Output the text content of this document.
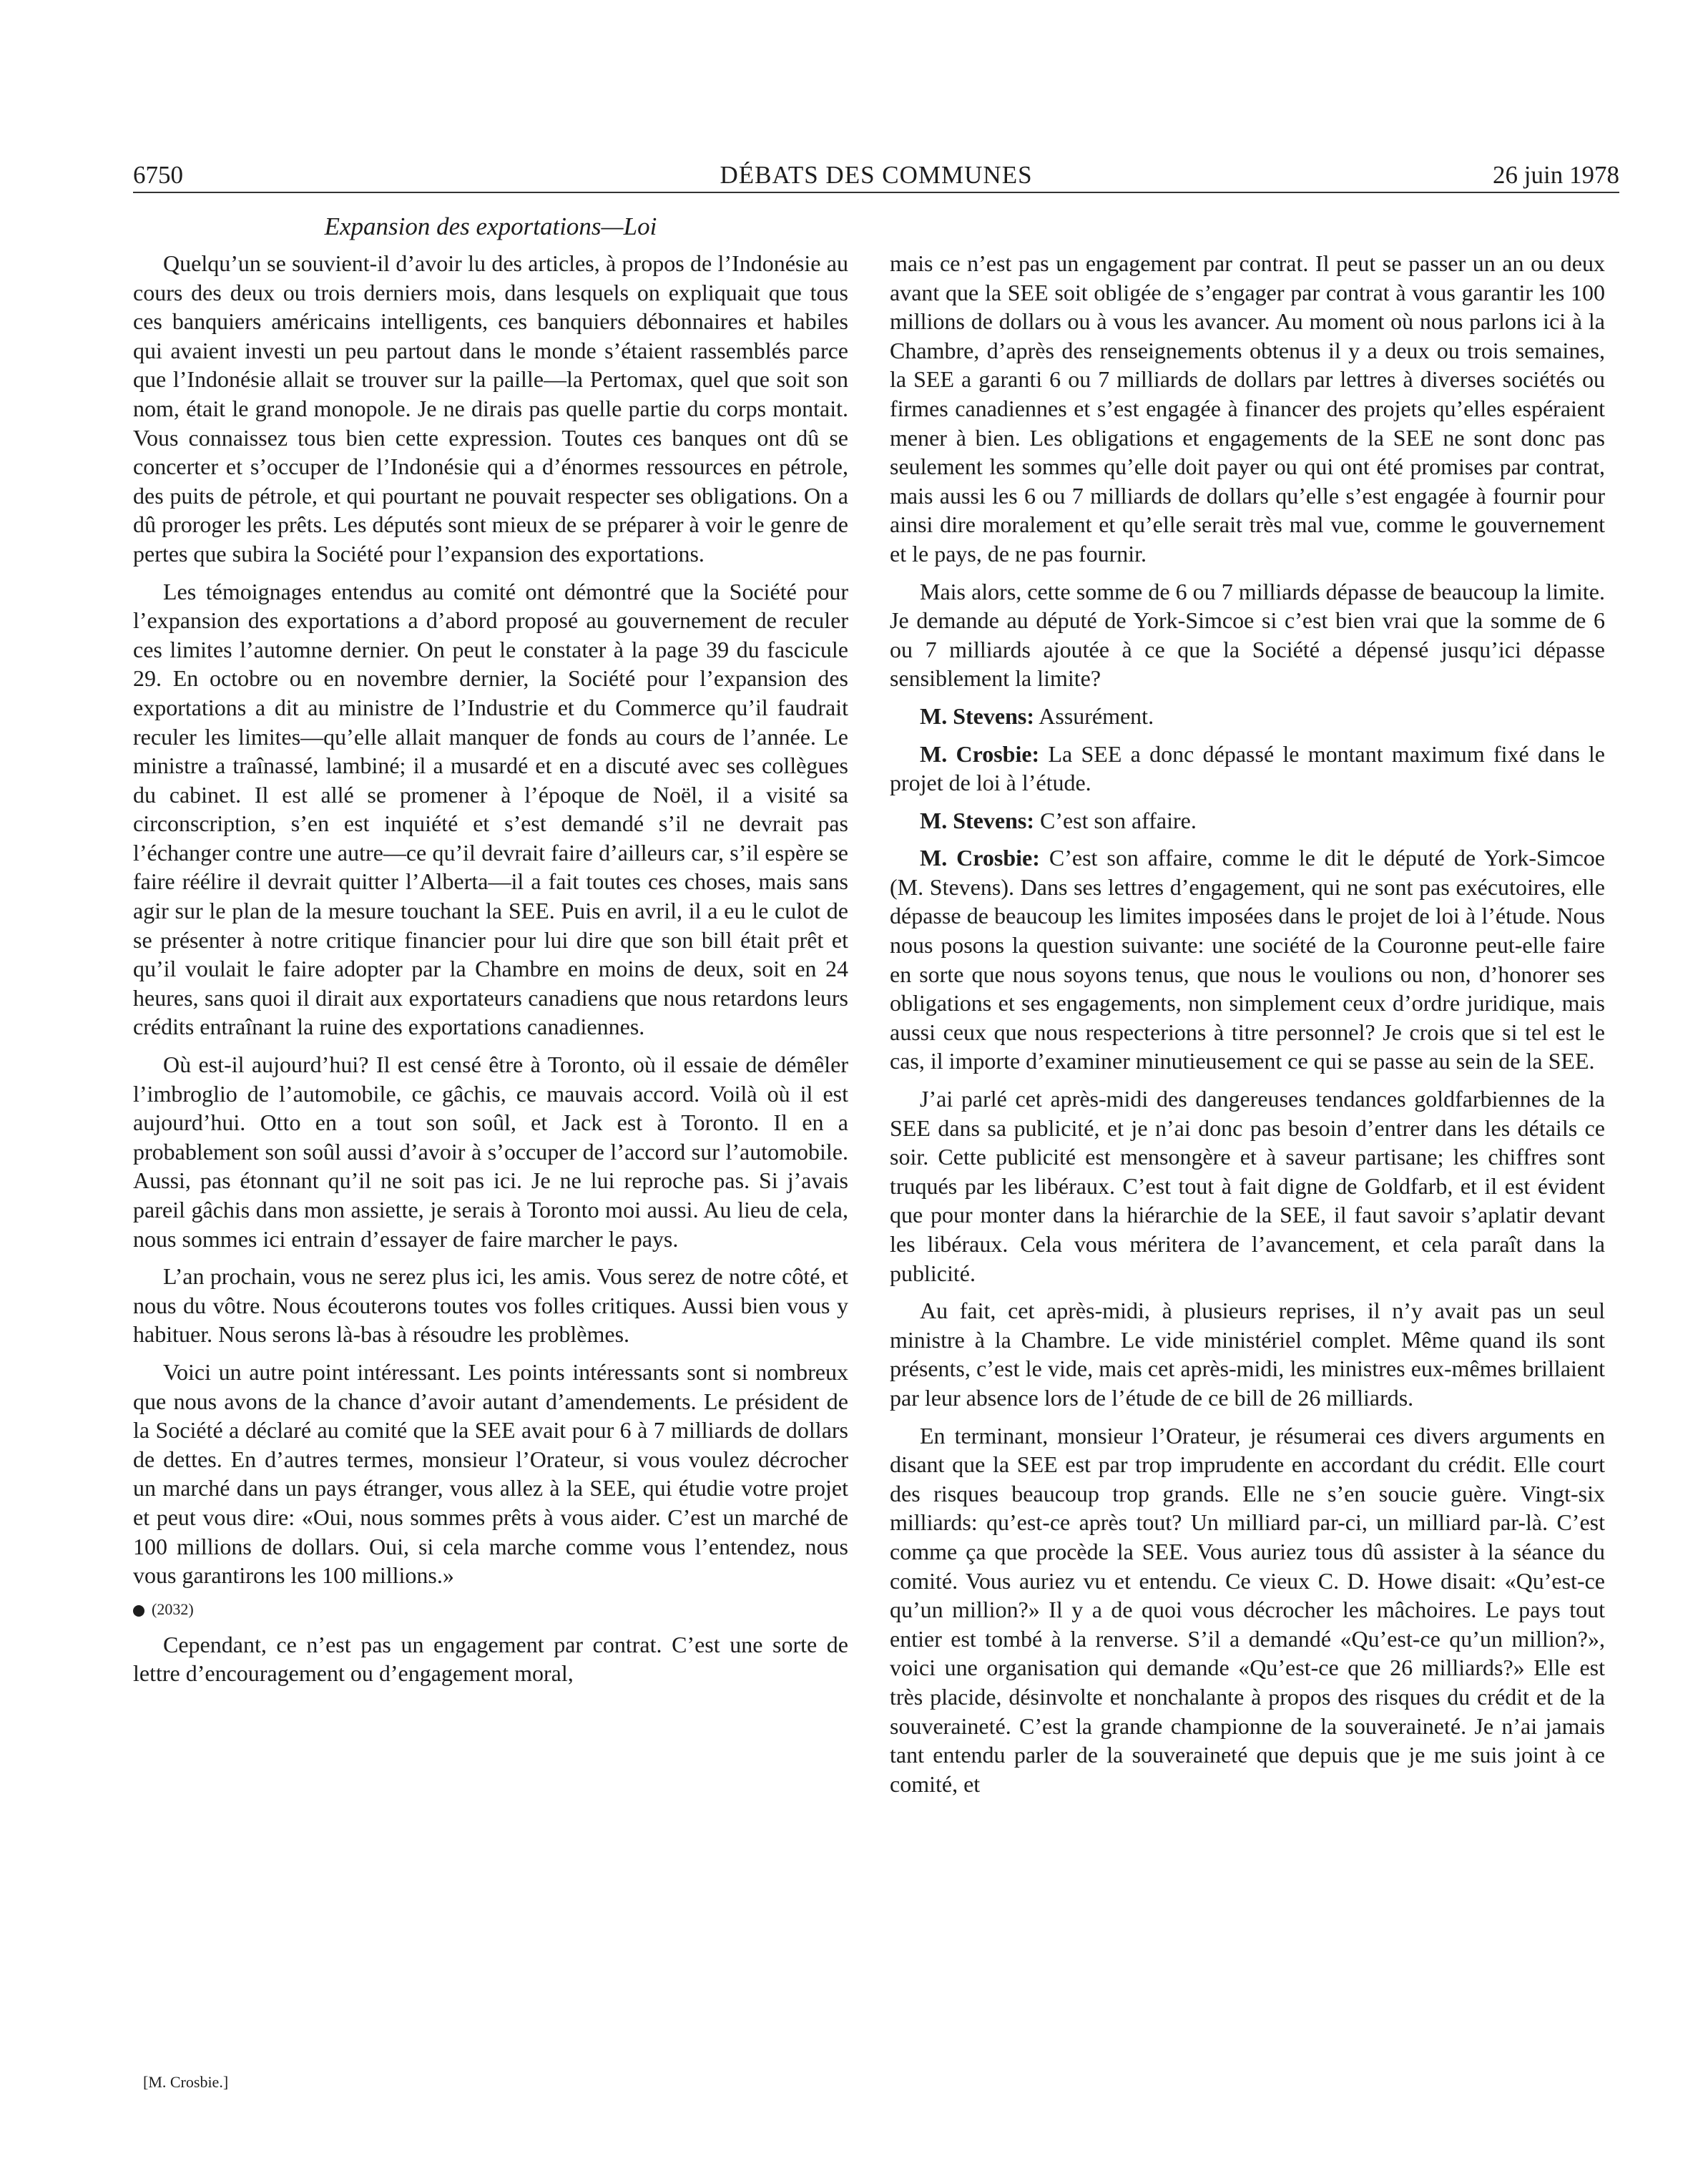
6750	DÉBATS DES COMMUNES	26 juin 1978
Expansion des exportations—Loi

Quelqu’un se souvient-il d’avoir lu des articles, à propos de l’Indonésie au cours des deux ou trois derniers mois, dans lesquels on expliquait que tous ces banquiers américains intelligents, ces banquiers débonnaires et habiles qui avaient investi un peu partout dans le monde s’étaient rassemblés parce que l’Indonésie allait se trouver sur la paille—la Pertomax, quel que soit son nom, était le grand monopole. Je ne dirais pas quelle partie du corps montait. Vous connaissez tous bien cette expression. Toutes ces banques ont dû se concerter et s’occuper de l’Indonésie qui a d’énormes ressources en pétrole, des puits de pétrole, et qui pourtant ne pouvait respecter ses obligations. On a dû proroger les prêts. Les députés sont mieux de se préparer à voir le genre de pertes que subira la Société pour l’expansion des exportations.

Les témoignages entendus au comité ont démontré que la Société pour l’expansion des exportations a d’abord proposé au gouvernement de reculer ces limites l’automne dernier. On peut le constater à la page 39 du fascicule 29. En octobre ou en novembre dernier, la Société pour l’expansion des exportations a dit au ministre de l’Industrie et du Commerce qu’il faudrait reculer les limites—qu’elle allait manquer de fonds au cours de l’année. Le ministre a traînassé, lambiné; il a musardé et en a discuté avec ses collègues du cabinet. Il est allé se promener à l’époque de Noël, il a visité sa circonscription, s’en est inquiété et s’est demandé s’il ne devrait pas l’échanger contre une autre—ce qu’il devrait faire d’ailleurs car, s’il espère se faire réélire il devrait quitter l’Alberta—il a fait toutes ces choses, mais sans agir sur le plan de la mesure touchant la SEE. Puis en avril, il a eu le culot de se présenter à notre critique financier pour lui dire que son bill était prêt et qu’il voulait le faire adopter par la Chambre en moins de deux, soit en 24 heures, sans quoi il dirait aux exportateurs canadiens que nous retardons leurs crédits entraînant la ruine des exportations canadiennes.

Où est-il aujourd’hui? Il est censé être à Toronto, où il essaie de démêler l’imbroglio de l’automobile, ce gâchis, ce mauvais accord. Voilà où il est aujourd’hui. Otto en a tout son soûl, et Jack est à Toronto. Il en a probablement son soûl aussi d’avoir à s’occuper de l’accord sur l’automobile. Aussi, pas étonnant qu’il ne soit pas ici. Je ne lui reproche pas. Si j’avais pareil gâchis dans mon assiette, je serais à Toronto moi aussi. Au lieu de cela, nous sommes ici entrain d’essayer de faire marcher le pays.

L’an prochain, vous ne serez plus ici, les amis. Vous serez de notre côté, et nous du vôtre. Nous écouterons toutes vos folles critiques. Aussi bien vous y habituer. Nous serons là-bas à résoudre les problèmes.

Voici un autre point intéressant. Les points intéressants sont si nombreux que nous avons de la chance d’avoir autant d’amendements. Le président de la Société a déclaré au comité que la SEE avait pour 6 à 7 milliards de dollars de dettes. En d’autres termes, monsieur l’Orateur, si vous voulez décrocher un marché dans un pays étranger, vous allez à la SEE, qui étudie votre projet et peut vous dire: «Oui, nous sommes prêts à vous aider. C’est un marché de 100 millions de dollars. Oui, si cela marche comme vous l’entendez, nous vous garantirons les 100 millions.»

(2032)

Cependant, ce n’est pas un engagement par contrat. C’est une sorte de lettre d’encouragement ou d’engagement moral,

mais ce n’est pas un engagement par contrat. Il peut se passer un an ou deux avant que la SEE soit obligée de s’engager par contrat à vous garantir les 100 millions de dollars ou à vous les avancer. Au moment où nous parlons ici à la Chambre, d’après des renseignements obtenus il y a deux ou trois semaines, la SEE a garanti 6 ou 7 milliards de dollars par lettres à diverses sociétés ou firmes canadiennes et s’est engagée à financer des projets qu’elles espéraient mener à bien. Les obligations et engagements de la SEE ne sont donc pas seulement les sommes qu’elle doit payer ou qui ont été promises par contrat, mais aussi les 6 ou 7 milliards de dollars qu’elle s’est engagée à fournir pour ainsi dire moralement et qu’elle serait très mal vue, comme le gouvernement et le pays, de ne pas fournir.

Mais alors, cette somme de 6 ou 7 milliards dépasse de beaucoup la limite. Je demande au député de York-Simcoe si c’est bien vrai que la somme de 6 ou 7 milliards ajoutée à ce que la Société a dépensé jusqu’ici dépasse sensiblement la limite?

M. Stevens: Assurément.

M. Crosbie: La SEE a donc dépassé le montant maximum fixé dans le projet de loi à l’étude.

M. Stevens: C’est son affaire.

M. Crosbie: C’est son affaire, comme le dit le député de York-Simcoe (M. Stevens). Dans ses lettres d’engagement, qui ne sont pas exécutoires, elle dépasse de beaucoup les limites imposées dans le projet de loi à l’étude. Nous nous posons la question suivante: une société de la Couronne peut-elle faire en sorte que nous soyons tenus, que nous le voulions ou non, d’honorer ses obligations et ses engagements, non simplement ceux d’ordre juridique, mais aussi ceux que nous respecterions à titre personnel? Je crois que si tel est le cas, il importe d’examiner minutieusement ce qui se passe au sein de la SEE.

J’ai parlé cet après-midi des dangereuses tendances goldfarbiennes de la SEE dans sa publicité, et je n’ai donc pas besoin d’entrer dans les détails ce soir. Cette publicité est mensongère et à saveur partisane; les chiffres sont truqués par les libéraux. C’est tout à fait digne de Goldfarb, et il est évident que pour monter dans la hiérarchie de la SEE, il faut savoir s’aplatir devant les libéraux. Cela vous méritera de l’avancement, et cela paraît dans la publicité.

Au fait, cet après-midi, à plusieurs reprises, il n’y avait pas un seul ministre à la Chambre. Le vide ministériel complet. Même quand ils sont présents, c’est le vide, mais cet après-midi, les ministres eux-mêmes brillaient par leur absence lors de l’étude de ce bill de 26 milliards.

En terminant, monsieur l’Orateur, je résumerai ces divers arguments en disant que la SEE est par trop imprudente en accordant du crédit. Elle court des risques beaucoup trop grands. Elle ne s’en soucie guère. Vingt-six milliards: qu’est-ce après tout? Un milliard par-ci, un milliard par-là. C’est comme ça que procède la SEE. Vous auriez tous dû assister à la séance du comité. Vous auriez vu et entendu. Ce vieux C. D. Howe disait: «Qu’est-ce qu’un million?» Il y a de quoi vous décrocher les mâchoires. Le pays tout entier est tombé à la renverse. S’il a demandé «Qu’est-ce qu’un million?», voici une organisation qui demande «Qu’est-ce que 26 milliards?» Elle est très placide, désinvolte et nonchalante à propos des risques du crédit et de la souveraineté. C’est la grande championne de la souveraineté. Je n’ai jamais tant entendu parler de la souveraineté que depuis que je me suis joint à ce comité, et

[M. Crosbie.]
